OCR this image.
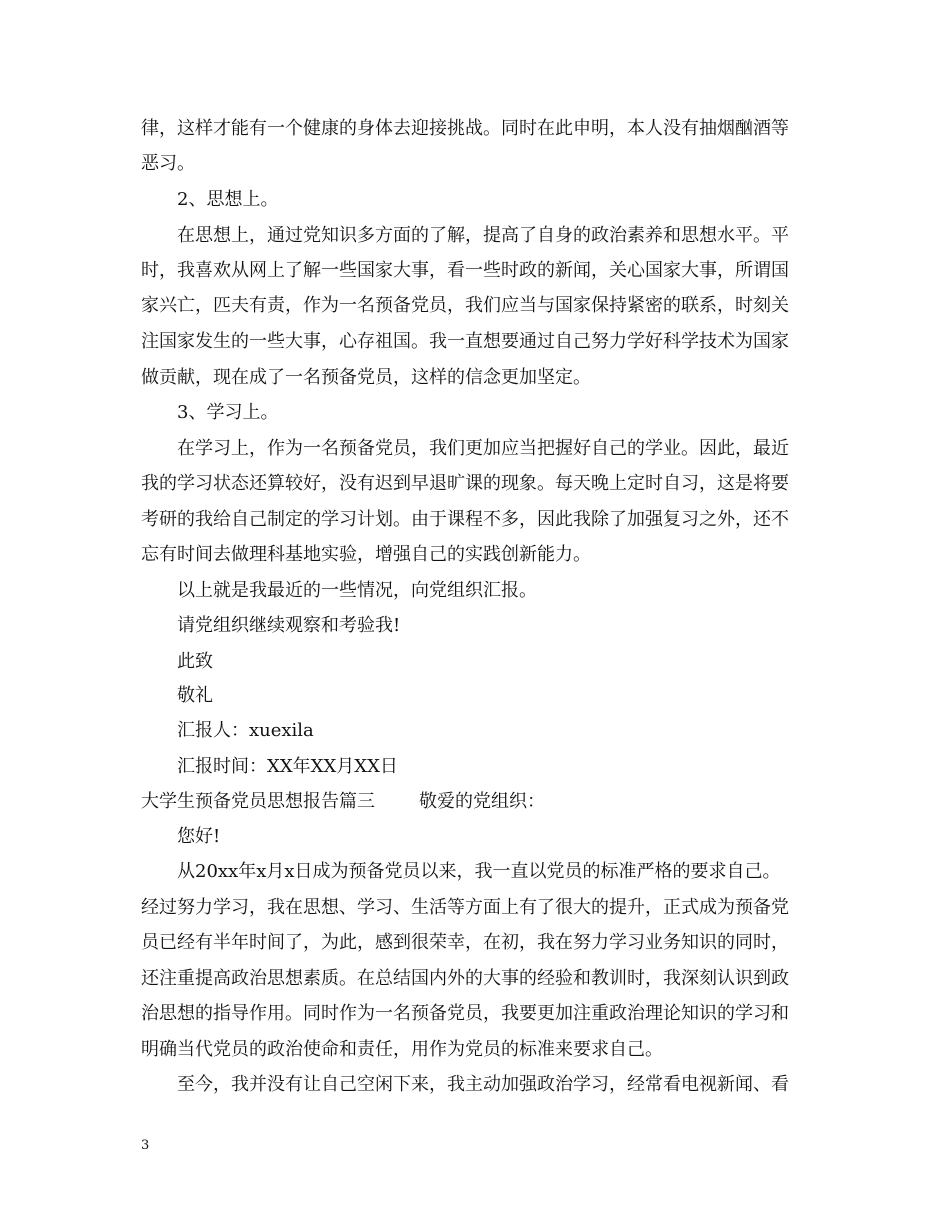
律，这样才能有一个健康的身体去迎接挑战。同时在此申明，本人没有抽烟酗酒等
恶习。
2、思想上。
在思想上，通过党知识多方面的了解，提高了自身的政治素养和思想水平。平
时，我喜欢从网上了解一些国家大事，看一些时政的新闻，关心国家大事，所谓国
家兴亡，匹夫有责，作为一名预备党员，我们应当与国家保持紧密的联系，时刻关
注国家发生的一些大事，心存祖国。我一直想要通过自己努力学好科学技术为国家
做贡献，现在成了一名预备党员，这样的信念更加坚定。
3、学习上。
在学习上，作为一名预备党员，我们更加应当把握好自己的学业。因此，最近
我的学习状态还算较好，没有迟到早退旷课的现象。每天晚上定时自习，这是将要
考研的我给自己制定的学习计划。由于课程不多，因此我除了加强复习之外，还不
忘有时间去做理科基地实验，增强自己的实践创新能力。
以上就是我最近的一些情况，向党组织汇报。
请党组织继续观察和考验我!
此致
敬礼
汇报人：xuexila
汇报时间：XX年XX月XX日
大学生预备党员思想报告篇三 敬爱的党组织：
您好!
从20xx年x月x日成为预备党员以来，我一直以党员的标准严格的要求自己。
经过努力学习，我在思想、学习、生活等方面上有了很大的提升，正式成为预备党
员已经有半年时间了，为此，感到很荣幸，在初，我在努力学习业务知识的同时，
还注重提高政治思想素质。在总结国内外的大事的经验和教训时，我深刻认识到政
治思想的指导作用。同时作为一名预备党员，我要更加注重政治理论知识的学习和
明确当代党员的政治使命和责任，用作为党员的标准来要求自己。
至今，我并没有让自己空闲下来，我主动加强政治学习，经常看电视新闻、看
3
